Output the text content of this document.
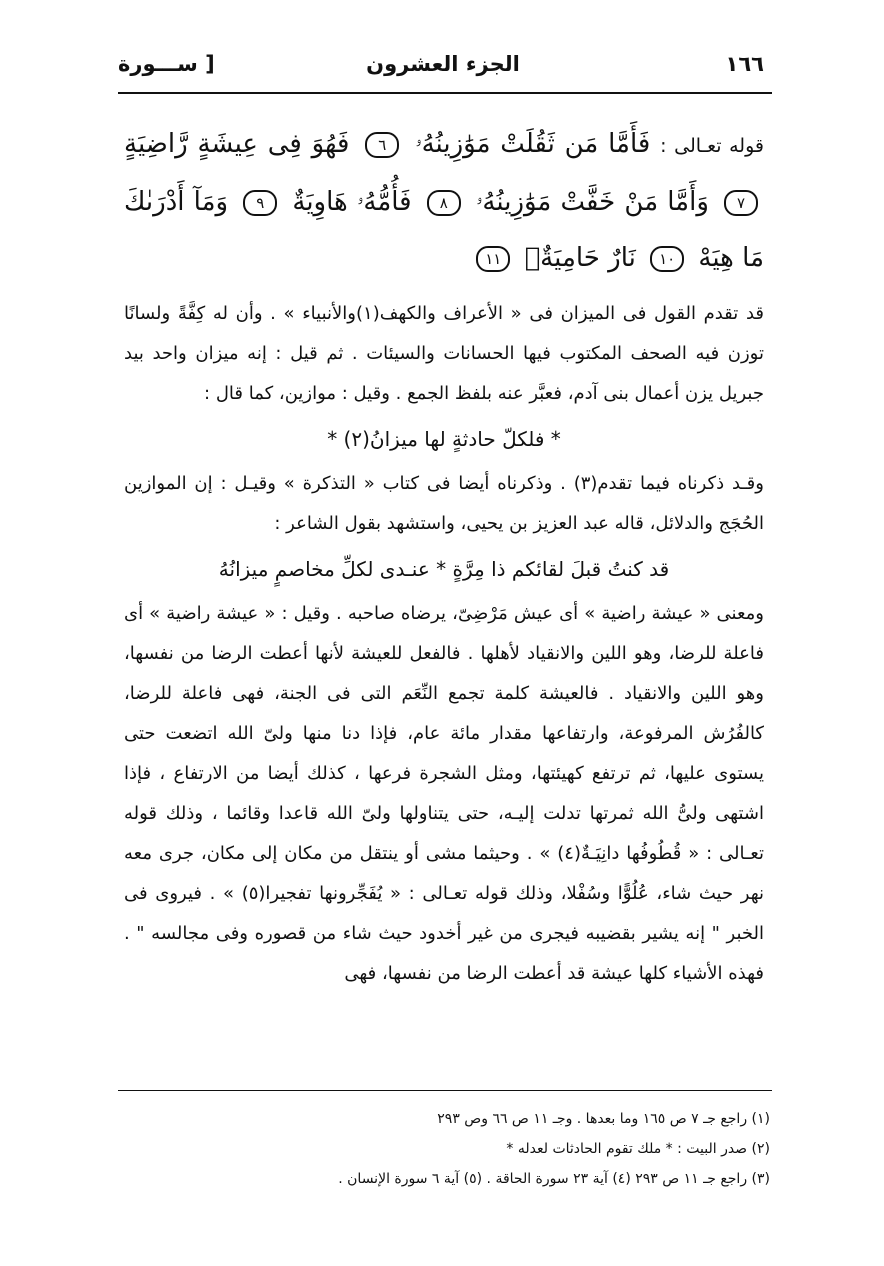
١٦٦
الجزء العشرون
[ ســـورة

قوله تعـالى : فَأَمَّا مَن ثَقُلَتْ مَوَٰزِينُهُۥ ٦ فَهُوَ فِى عِيشَةٍ رَّاضِيَةٍ ٧ وَأَمَّا مَنْ خَفَّتْ مَوَٰزِينُهُۥ ٨ فَأُمُّهُۥ هَاوِيَةٌ ٩ وَمَآ أَدْرَىٰكَ مَا هِيَهْ ١٠ نَارٌ حَامِيَةٌۢ ١١

قد تقدم القول فى الميزان فى « الأعراف والكهف(١)والأنبياء » . وأن له كِفَّةً ولسانًا توزن فيه الصحف المكتوب فيها الحسانات والسيئات . ثم قيل : إنه ميزان واحد بيد جبريل يزن أعمال بنى آدم، فعبَّر عنه بلفظ الجمع . وقيل : موازين، كما قال :

* فلكلّ حادثةٍ لها ميزانُ(٢) *

وقـد ذكرناه فيما تقدم(٣) . وذكرناه أيضا فى كتاب « التذكرة » وقيـل : إن الموازين الحُجَج والدلائل، قاله عبد العزيز بن يحيى، واستشهد بقول الشاعر :

قد كنتُ قبلَ لقائكم ذا مِرَّةٍ * عنـدى لكلِّ مخاصمٍ ميزانُهُ

ومعنى « عيشة راضية » أى عيش مَرْضِىّ، يرضاه صاحبه . وقيل : « عيشة راضية » أى فاعلة للرضا، وهو اللين والانقياد لأهلها . فالفعل للعيشة لأنها أعطت الرضا من نفسها، وهو اللين والانقياد . فالعيشة كلمة تجمع النِّعَم التى فى الجنة، فهى فاعلة للرضا، كالفُرُش المرفوعة، وارتفاعها مقدار مائة عام، فإذا دنا منها ولىّ الله اتضعت حتى يستوى عليها، ثم ترتفع كهيئتها، ومثل الشجرة فرعها ، كذلك أيضا من الارتفاع ، فإذا اشتهى ولىُّ الله ثمرتها تدلت إليـه، حتى يتناولها ولىّ الله قاعدا وقائما ، وذلك قوله تعـالى : « قُطُوفُها دانِيَـةٌ(٤) » . وحيثما مشى أو ينتقل من مكان إلى مكان، جرى معه نهر حيث شاء، عُلُوًّا وسُفْلا، وذلك قوله تعـالى : « يُفَجِّرونها تفجيرا(٥) » . فيروى فى الخبر " إنه يشير بقضيبه فيجرى من غير أخدود حيث شاء من قصوره وفى مجالسه " . فهذه الأشياء كلها عيشة قد أعطت الرضا من نفسها، فهى

(١) راجع جـ ٧ ص ١٦٥ وما بعدها . وجـ ١١ ص ٦٦ وص ٢٩٣
(٢) صدر البيت : * ملك تقوم الحادثات لعدله *
(٣) راجع جـ ١١ ص ٢٩٣ (٤) آية ٢٣ سورة الحاقة . (٥) آية ٦ سورة الإنسان .
